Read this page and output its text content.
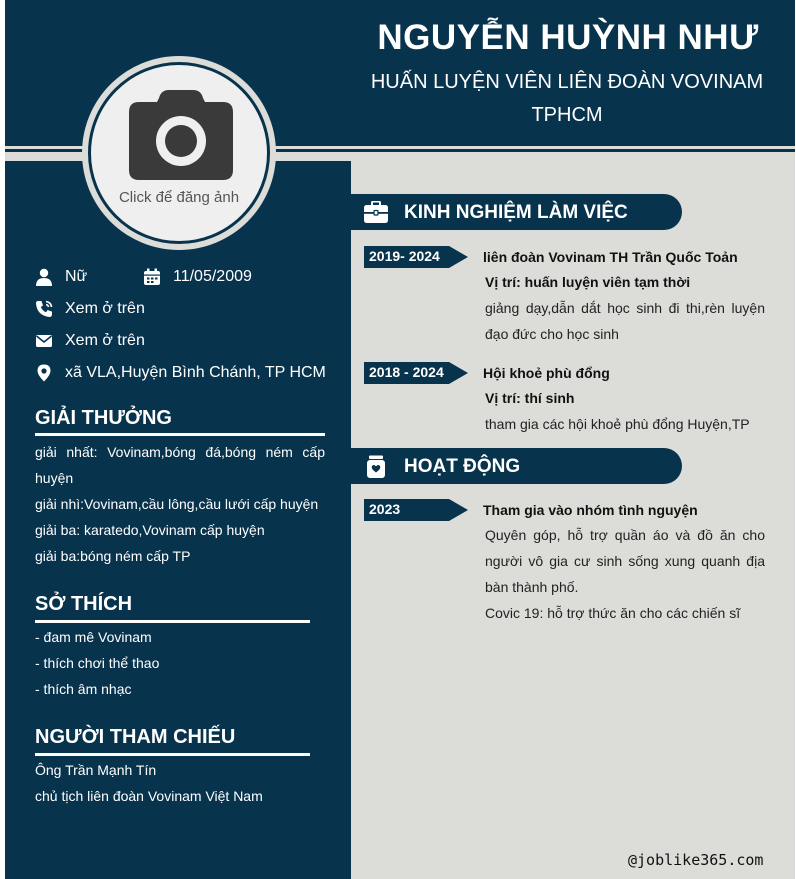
NGUYỄN HUỲNH NHƯ
HUẤN LUYỆN VIÊN LIÊN ĐOÀN VOVINAM TPHCM
Click để đăng ảnh
Nữ	11/05/2009
Xem ở trên
Xem ở trên
xã VLA,Huyện Bình Chánh, TP HCM
GIẢI THƯỞNG
giải nhất: Vovinam,bóng đá,bóng ném cấp huyện
giải nhì:Vovinam,cầu lông,cầu lưới cấp huyện
giải ba: karatedo,Vovinam cấp huyện
giải ba:bóng ném cấp TP
SỞ THÍCH
- đam mê Vovinam
- thích chơi thể thao
- thích âm nhạc
NGƯỜI THAM CHIẾU
Ông Trần Mạnh Tín
chủ tịch liên đoàn Vovinam Việt Nam
KINH NGHIỆM LÀM VIỆC
2019- 2024	liên đoàn Vovinam TH Trần Quốc Toản
Vị trí: huấn luyện viên tạm thời
giảng dạy,dẫn dắt học sinh đi thi,rèn luyện đạo đức cho học sinh
2018 - 2024	Hội khoẻ phù đổng
Vị trí: thí sinh
tham gia các hội khoẻ phù đổng Huyện,TP
HOẠT ĐỘNG
2023	Tham gia vào nhóm tình nguyện
Quyên góp, hỗ trợ quần áo và đồ ăn cho người vô gia cư sinh sống xung quanh địa bàn thành phố.
Covic 19: hỗ trợ thức ăn cho các chiến sĩ
@joblike365.com
